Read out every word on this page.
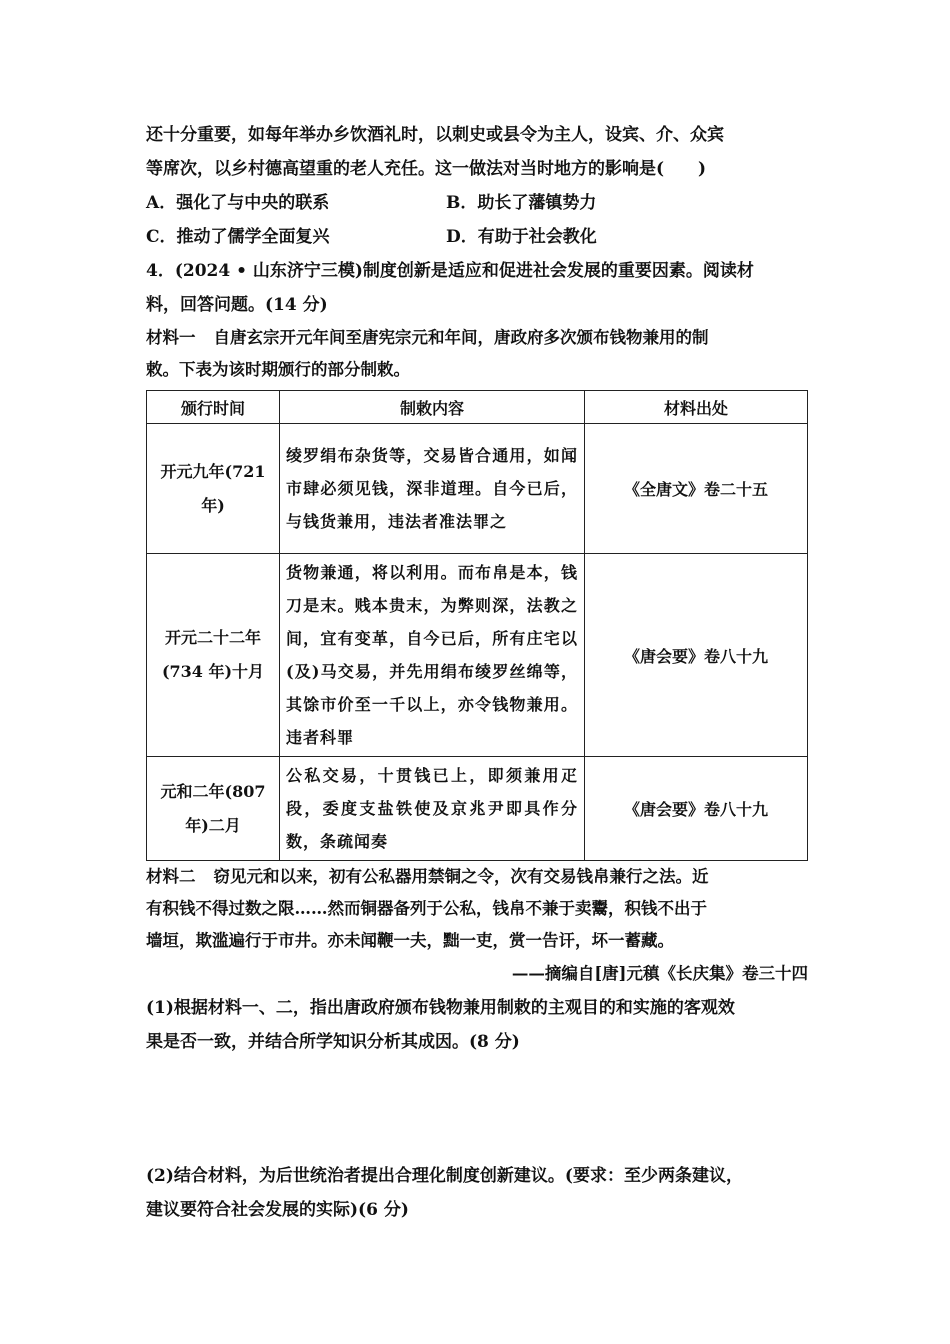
还十分重要，如每年举办乡饮酒礼时，以刺史或县令为主人，设宾、介、众宾
等席次，以乡村德高望重的老人充任。这一做法对当时地方的影响是(　　)
A．强化了与中央的联系	B．助长了藩镇势力
C．推动了儒学全面复兴	D．有助于社会教化
4．(2024 • 山东济宁三模)制度创新是适应和促进社会发展的重要因素。阅读材
料，回答问题。(14 分)
材料一 自唐玄宗开元年间至唐宪宗元和年间，唐政府多次颁布钱物兼用的制
敕。下表为该时期颁行的部分制敕。
颁行时间	制敕内容	材料出处
开元九年(721年)	绫罗绢布杂货等，交易皆合通用，如闻市肆必须见钱，深非道理。自今已后，与钱货兼用，违法者准法罪之	《全唐文》卷二十五
开元二十二年(734 年)十月	货物兼通，将以利用。而布帛是本，钱刀是末。贱本贵末，为弊则深，法教之间，宜有变革，自今已后，所有庄宅以(及)马交易，并先用绢布绫罗丝绵等，其馀市价至一千以上，亦令钱物兼用。违者科罪	《唐会要》卷八十九
元和二年(807年)二月	公私交易，十贯钱已上，即须兼用疋段，委度支盐铁使及京兆尹即具作分数，条疏闻奏	《唐会要》卷八十九
材料二 窃见元和以来，初有公私器用禁铜之令，次有交易钱帛兼行之法。近
有积钱不得过数之限……然而铜器备列于公私，钱帛不兼于卖鬻，积钱不出于
墙垣，欺滥遍行于市井。亦未闻鞭一夫，黜一吏，赏一告讦，坏一蓄藏。
——摘编自[唐]元稹《长庆集》卷三十四
(1)根据材料一、二，指出唐政府颁布钱物兼用制敕的主观目的和实施的客观效
果是否一致，并结合所学知识分析其成因。(8 分)
(2)结合材料，为后世统治者提出合理化制度创新建议。(要求：至少两条建议，
建议要符合社会发展的实际)(6 分)
